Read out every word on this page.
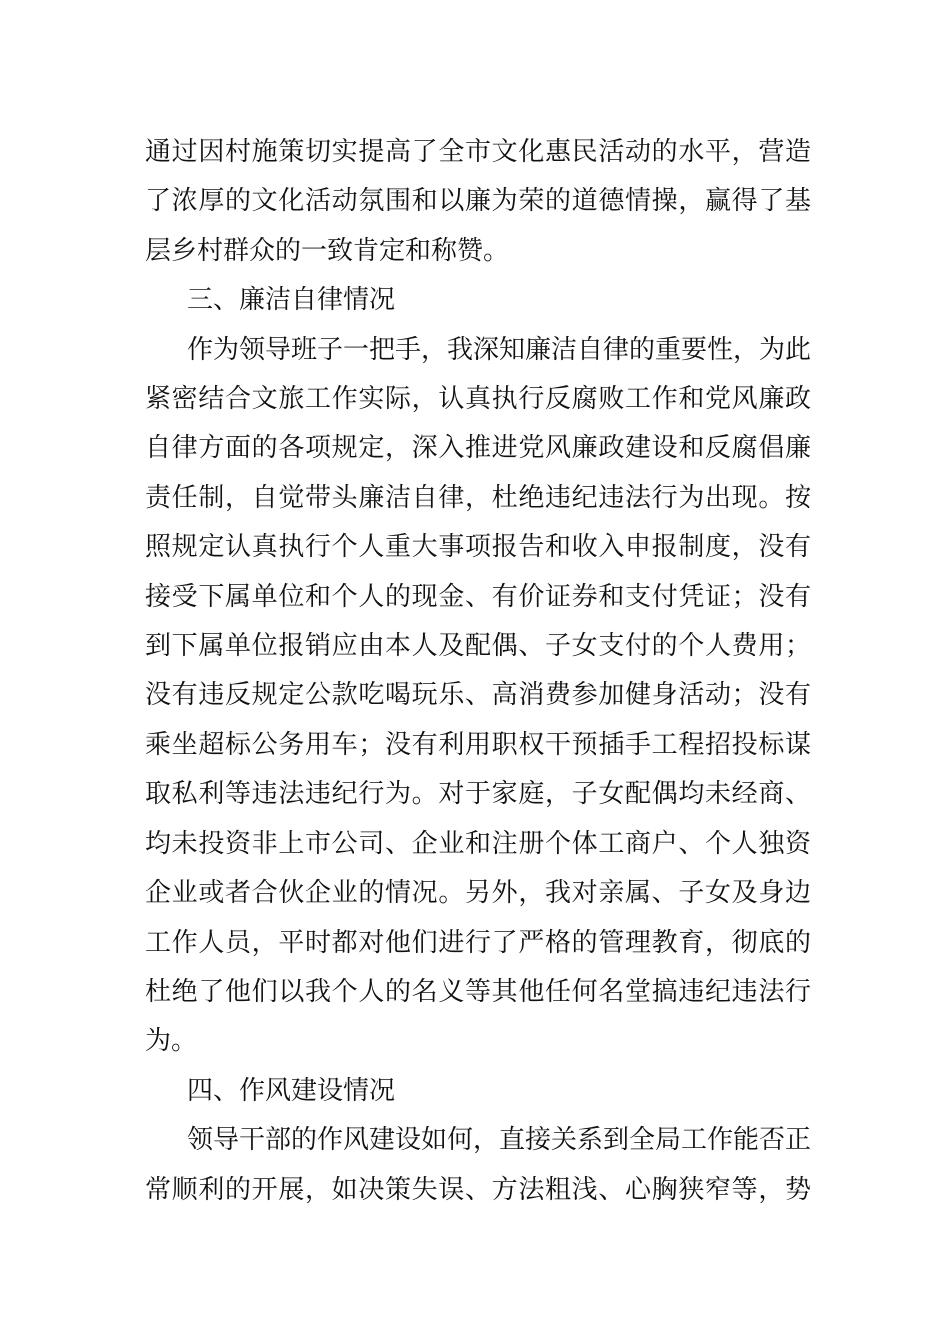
通过因村施策切实提高了全市文化惠民活动的水平，营造

了浓厚的文化活动氛围和以廉为荣的道德情操，赢得了基

层乡村群众的一致肯定和称赞。

三、廉洁自律情况

作为领导班子一把手，我深知廉洁自律的重要性，为此

紧密结合文旅工作实际，认真执行反腐败工作和党风廉政

自律方面的各项规定，深入推进党风廉政建设和反腐倡廉

责任制，自觉带头廉洁自律，杜绝违纪违法行为出现。按

照规定认真执行个人重大事项报告和收入申报制度，没有

接受下属单位和个人的现金、有价证券和支付凭证；没有

到下属单位报销应由本人及配偶、子女支付的个人费用；

没有违反规定公款吃喝玩乐、高消费参加健身活动；没有

乘坐超标公务用车；没有利用职权干预插手工程招投标谋

取私利等违法违纪行为。对于家庭，子女配偶均未经商、

均未投资非上市公司、企业和注册个体工商户、个人独资

企业或者合伙企业的情况。另外，我对亲属、子女及身边

工作人员，平时都对他们进行了严格的管理教育，彻底的

杜绝了他们以我个人的名义等其他任何名堂搞违纪违法行

为。

四、作风建设情况

领导干部的作风建设如何，直接关系到全局工作能否正

常顺利的开展，如决策失误、方法粗浅、心胸狭窄等，势
